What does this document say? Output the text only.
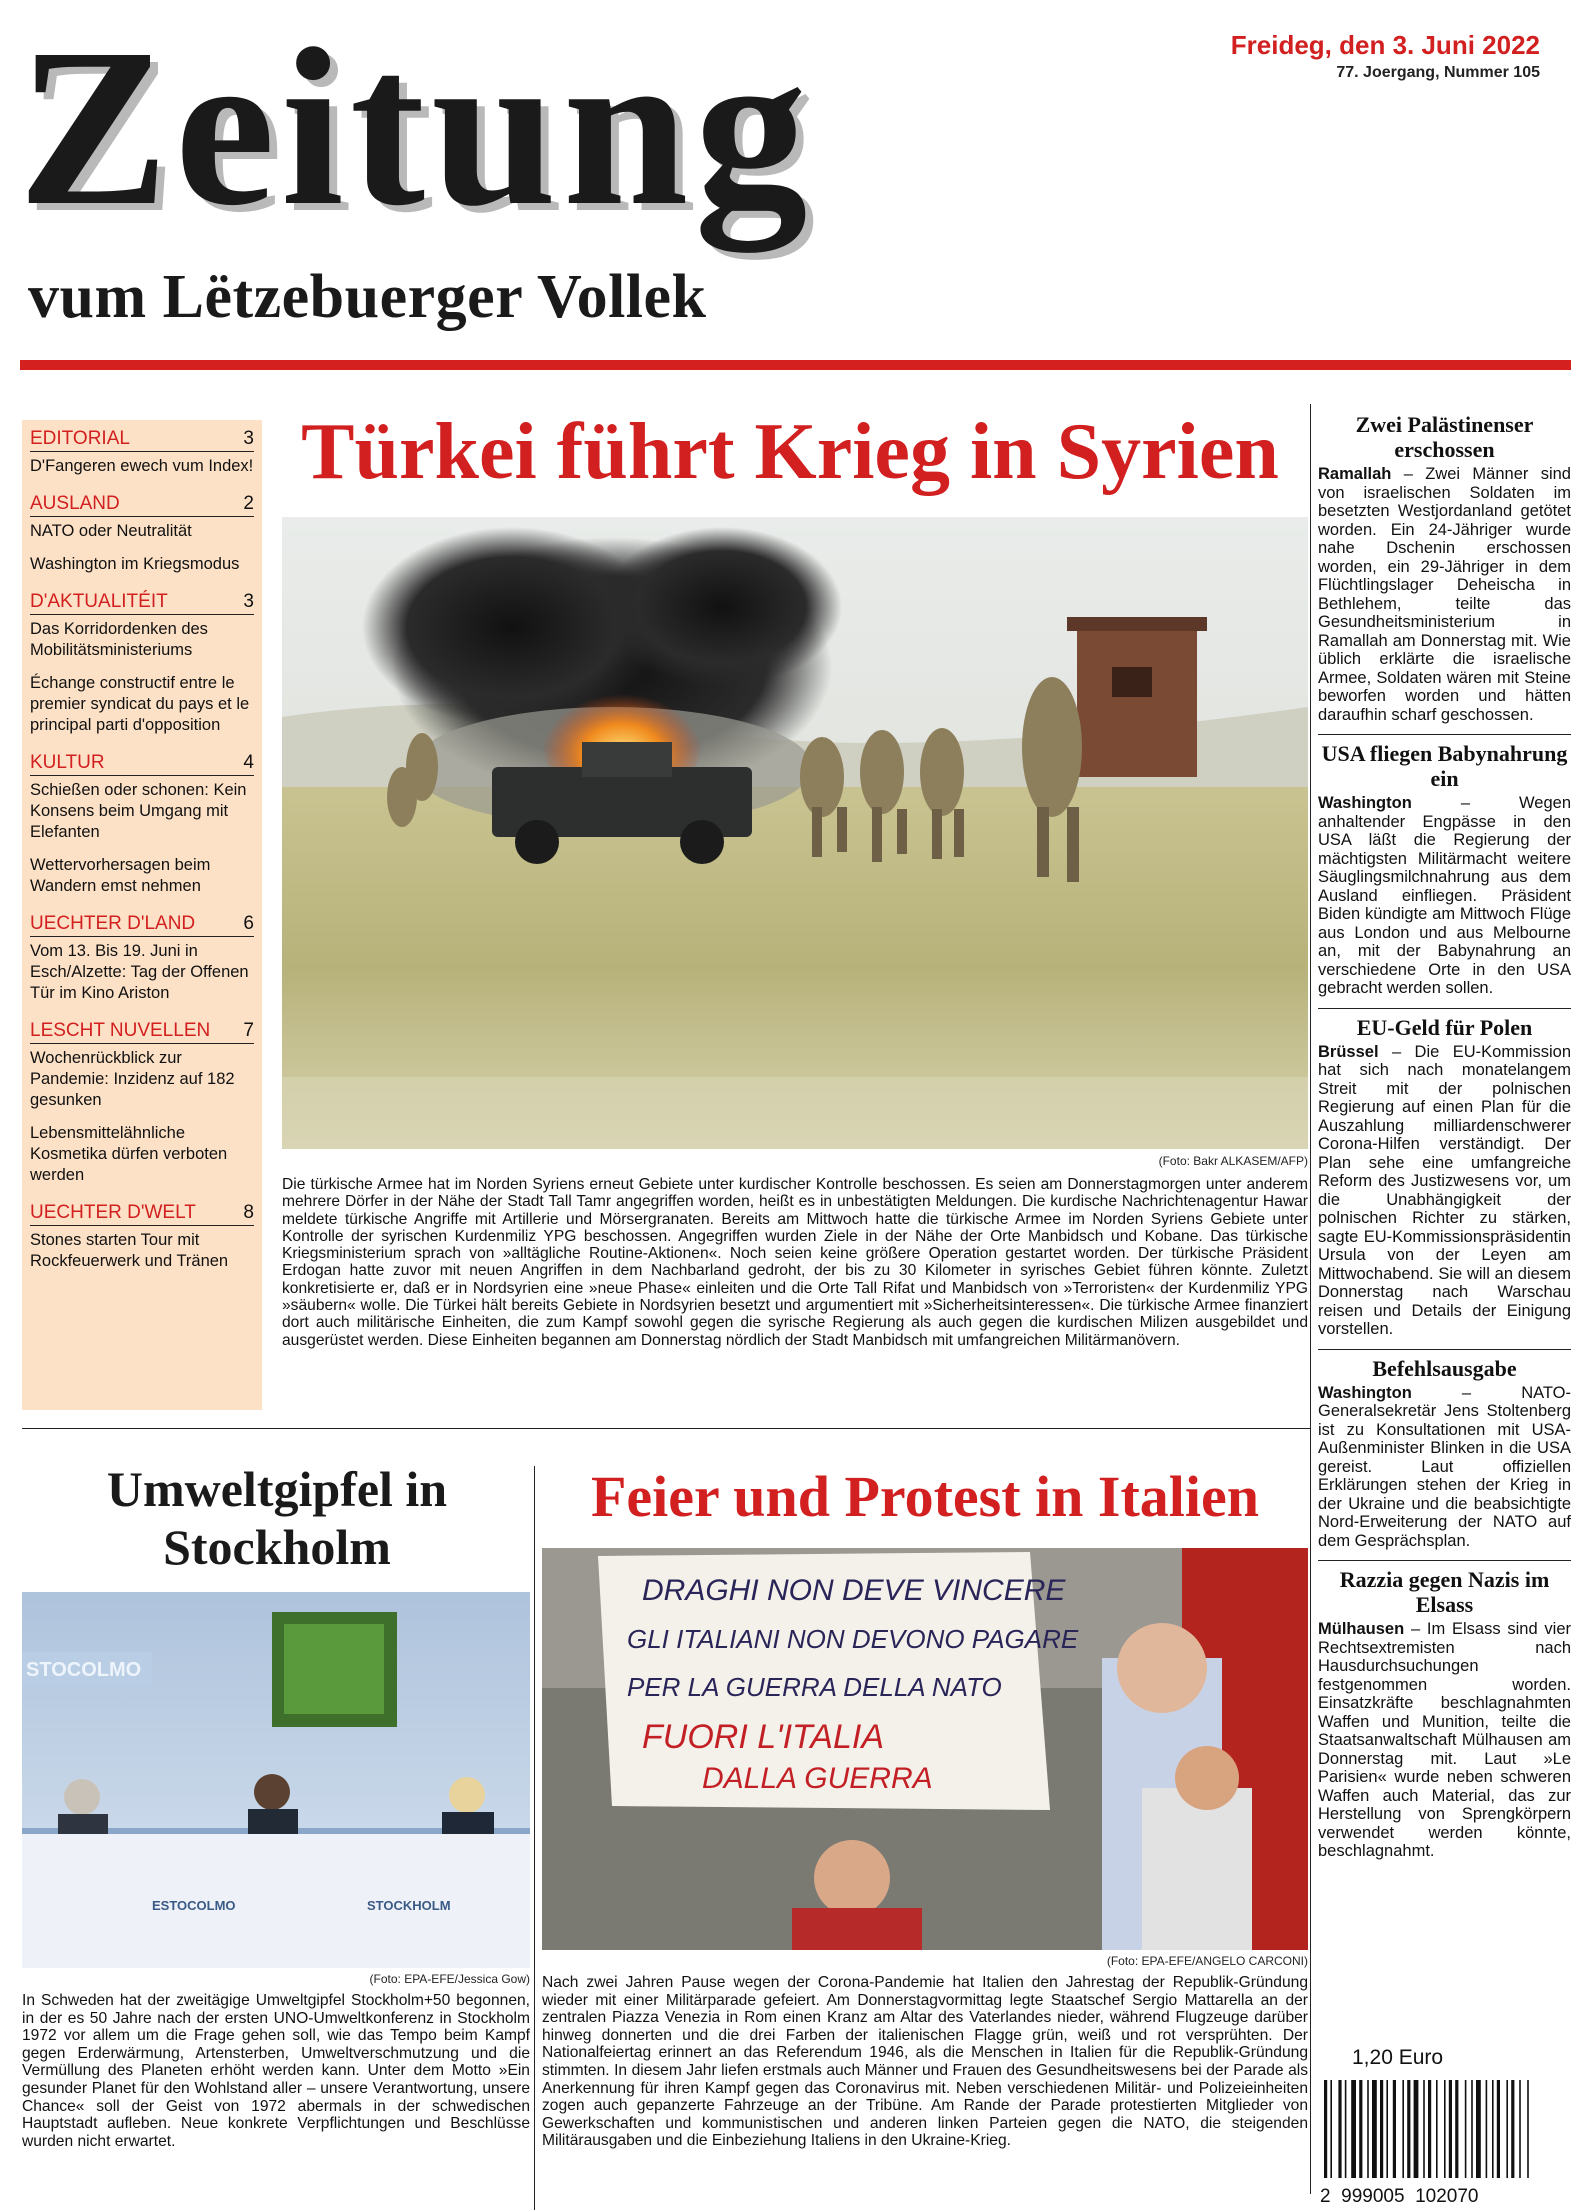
Zeitung
vum Lëtzebuerger Vollek
Freideg, den 3. Juni 2022
77. Joergang, Nummer 105
EDITORIAL	3
D'Fangeren ewech vum Index!
AUSLAND	2
NATO oder Neutralität
Washington im Kriegsmodus
D'AKTUALITÉIT	3
Das Korridordenken des Mobilitätsministeriums
Échange constructif entre le premier syndicat du pays et le principal parti d'opposition
KULTUR	4
Schießen oder schonen: Kein Konsens beim Umgang mit Elefanten
Wettervorhersagen beim Wandern emst nehmen
UECHTER D'LAND	6
Vom 13. Bis 19. Juni in Esch/Alzette: Tag der Offenen Tür im Kino Ariston
LESCHT NUVELLEN 7
Wochenrückblick zur Pandemie: Inzidenz auf 182 gesunken
Lebensmittelähnliche Kosmetika dürfen verboten werden
UECHTER D'WELT	8
Stones starten Tour mit Rockfeuerwerk und Tränen
Türkei führt Krieg in Syrien
(Foto: Bakr ALKASEM/AFP)
Die türkische Armee hat im Norden Syriens erneut Gebiete unter kurdischer Kontrolle beschossen. Es seien am Donnerstagmorgen unter anderem mehrere Dörfer in der Nähe der Stadt Tall Tamr angegriffen worden, heißt es in unbestätigten Meldungen. Die kurdische Nachrichtenagentur Hawar meldete türkische Angriffe mit Artillerie und Mörsergranaten. Bereits am Mittwoch hatte die türkische Armee im Norden Syriens Gebiete unter Kontrolle der syrischen Kurdenmiliz YPG beschossen. Angegriffen wurden Ziele in der Nähe der Orte Manbidsch und Kobane. Das türkische Kriegsministerium sprach von »alltägliche Routine-Aktionen«. Noch seien keine größere Operation gestartet worden. Der türkische Präsident Erdogan hatte zuvor mit neuen Angriffen in dem Nachbarland gedroht, der bis zu 30 Kilometer in syrisches Gebiet führen könnte. Zuletzt konkretisierte er, daß er in Nordsyrien eine »neue Phase« einleiten und die Orte Tall Rifat und Manbidsch von »Terroristen« der Kurdenmiliz YPG »säubern« wolle. Die Türkei hält bereits Gebiete in Nordsyrien besetzt und argumentiert mit »Sicherheitsinteressen«. Die türkische Armee finanziert dort auch militärische Einheiten, die zum Kampf sowohl gegen die syrische Regierung als auch gegen die kurdischen Milizen ausgebildet und ausgerüstet werden. Diese Einheiten begannen am Donnerstag nördlich der Stadt Manbidsch mit umfangreichen Militärmanövern.
Zwei Palästinenser erschossen
Ramallah – Zwei Männer sind von israelischen Soldaten im besetzten Westjordanland getötet worden. Ein 24-Jähriger wurde nahe Dschenin erschossen worden, ein 29-Jähriger in dem Flüchtlingslager Deheischa in Bethlehem, teilte das Gesundheitsministerium in Ramallah am Donnerstag mit. Wie üblich erklärte die israelische Armee, Soldaten wären mit Steine beworfen worden und hätten daraufhin scharf geschossen.
USA fliegen Babynahrung ein
Washington – Wegen anhaltender Engpässe in den USA läßt die Regierung der mächtigsten Militärmacht weitere Säuglingsmilchnahrung aus dem Ausland einfliegen. Präsident Biden kündigte am Mittwoch Flüge aus London und aus Melbourne an, mit der Babynahrung an verschiedene Orte in den USA gebracht werden sollen.
EU-Geld für Polen
Brüssel – Die EU-Kommission hat sich nach monatelangem Streit mit der polnischen Regierung auf einen Plan für die Auszahlung milliardenschwerer Corona-Hilfen verständigt. Der Plan sehe eine umfangreiche Reform des Justizwesens vor, um die Unabhängigkeit der polnischen Richter zu stärken, sagte EU-Kommissionspräsidentin Ursula von der Leyen am Mittwochabend. Sie will an diesem Donnerstag nach Warschau reisen und Details der Einigung vorstellen.
Befehlsausgabe
Washington – NATO-Generalsekretär Jens Stoltenberg ist zu Konsultationen mit USA-Außenminister Blinken in die USA gereist. Laut offiziellen Erklärungen stehen der Krieg in der Ukraine und die beabsichtigte Nord-Erweiterung der NATO auf dem Gesprächsplan.
Razzia gegen Nazis im Elsass
Mülhausen – Im Elsass sind vier Rechtsextremisten nach Hausdurchsuchungen festgenommen worden. Einsatzkräfte beschlagnahmten Waffen und Munition, teilte die Staatsanwaltschaft Mülhausen am Donnerstag mit. Laut »Le Parisien« wurde neben schweren Waffen auch Material, das zur Herstellung von Sprengkörpern verwendet werden könnte, beschlagnahmt.
Umweltgipfel in Stockholm
STOCOLMO
ESTOCOLMO	STOCKHOLM
(Foto: EPA-EFE/Jessica Gow)
In Schweden hat der zweitägige Umweltgipfel Stockholm+50 begonnen, in der es 50 Jahre nach der ersten UNO-Umweltkonferenz in Stockholm 1972 vor allem um die Frage gehen soll, wie das Tempo beim Kampf gegen Erderwärmung, Artensterben, Umweltverschmutzung und die Vermüllung des Planeten erhöht werden kann. Unter dem Motto »Ein gesunder Planet für den Wohlstand aller – unsere Verantwortung, unsere Chance« soll der Geist von 1972 abermals in der schwedischen Hauptstadt aufleben. Neue konkrete Verpflichtungen und Beschlüsse wurden nicht erwartet.
Feier und Protest in Italien
DRAGHI NON DEVE VINCERE
GLI ITALIANI NON DEVONO PAGARE
PER LA GUERRA DELLA NATO
FUORI L'ITALIA
DALLA GUERRA
(Foto: EPA-EFE/ANGELO CARCONI)
Nach zwei Jahren Pause wegen der Corona-Pandemie hat Italien den Jahrestag der Republik-Gründung wieder mit einer Militärparade gefeiert. Am Donnerstagvormittag legte Staatschef Sergio Mattarella an der zentralen Piazza Venezia in Rom einen Kranz am Altar des Vaterlandes nieder, während Flugzeuge darüber hinweg donnerten und die drei Farben der italienischen Flagge grün, weiß und rot versprühten. Der Nationalfeiertag erinnert an das Referendum 1946, als die Menschen in Italien für die Republik-Gründung stimmten. In diesem Jahr liefen erstmals auch Männer und Frauen des Gesundheitswesens bei der Parade als Anerkennung für ihren Kampf gegen das Coronavirus mit. Neben verschiedenen Militär- und Polizeieinheiten zogen auch gepanzerte Fahrzeuge an der Tribüne. Am Rande der Parade protestierten Mitglieder von Gewerkschaften und kommunistischen und anderen linken Parteien gegen die NATO, die steigenden Militärausgaben und die Einbeziehung Italiens in den Ukraine-Krieg.
1,20 Euro
2  999005  102070
